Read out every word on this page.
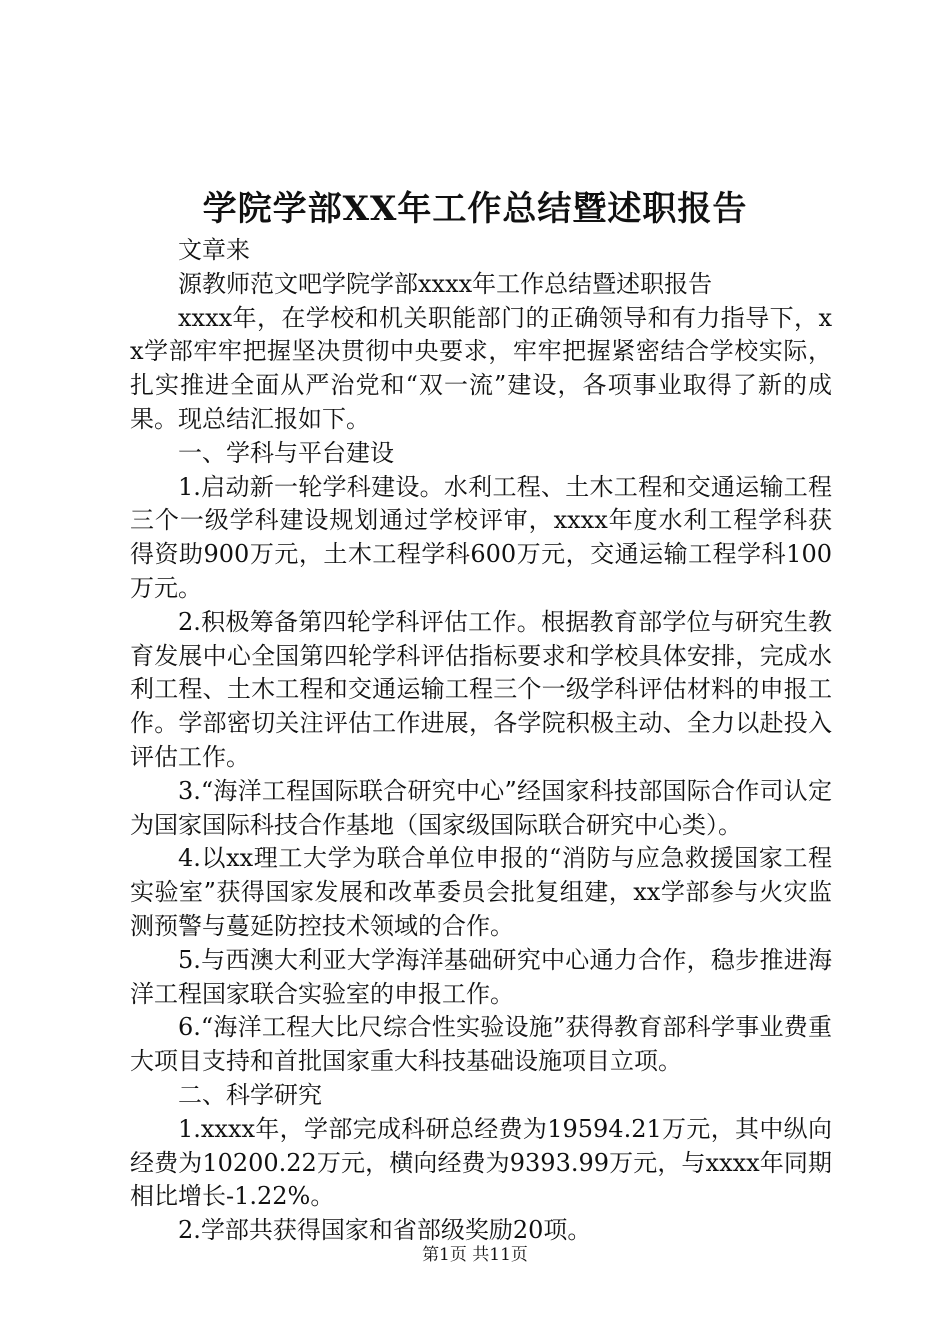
学院学部XX年工作总结暨述职报告

文章来

源教师范文吧学院学部xxxx年工作总结暨述职报告

xxxx年，在学校和机关职能部门的正确领导和有力指导下，xx学部牢牢把握坚决贯彻中央要求，牢牢把握紧密结合学校实际，扎实推进全面从严治党和“双一流”建设，各项事业取得了新的成果。现总结汇报如下。

一、学科与平台建设

1.启动新一轮学科建设。水利工程、土木工程和交通运输工程三个一级学科建设规划通过学校评审，xxxx年度水利工程学科获得资助900万元，土木工程学科600万元，交通运输工程学科100万元。

2.积极筹备第四轮学科评估工作。根据教育部学位与研究生教育发展中心全国第四轮学科评估指标要求和学校具体安排，完成水利工程、土木工程和交通运输工程三个一级学科评估材料的申报工作。学部密切关注评估工作进展，各学院积极主动、全力以赴投入评估工作。

3.“海洋工程国际联合研究中心”经国家科技部国际合作司认定为国家国际科技合作基地（国家级国际联合研究中心类）。

4.以xx理工大学为联合单位申报的“消防与应急救援国家工程实验室”获得国家发展和改革委员会批复组建，xx学部参与火灾监测预警与蔓延防控技术领域的合作。

5.与西澳大利亚大学海洋基础研究中心通力合作，稳步推进海洋工程国家联合实验室的申报工作。

6.“海洋工程大比尺综合性实验设施”获得教育部科学事业费重大项目支持和首批国家重大科技基础设施项目立项。

二、科学研究

1.xxxx年，学部完成科研总经费为19594.21万元，其中纵向经费为10200.22万元，横向经费为9393.99万元，与xxxx年同期相比增长-1.22%。

2.学部共获得国家和省部级奖励20项。

第1页 共11页
